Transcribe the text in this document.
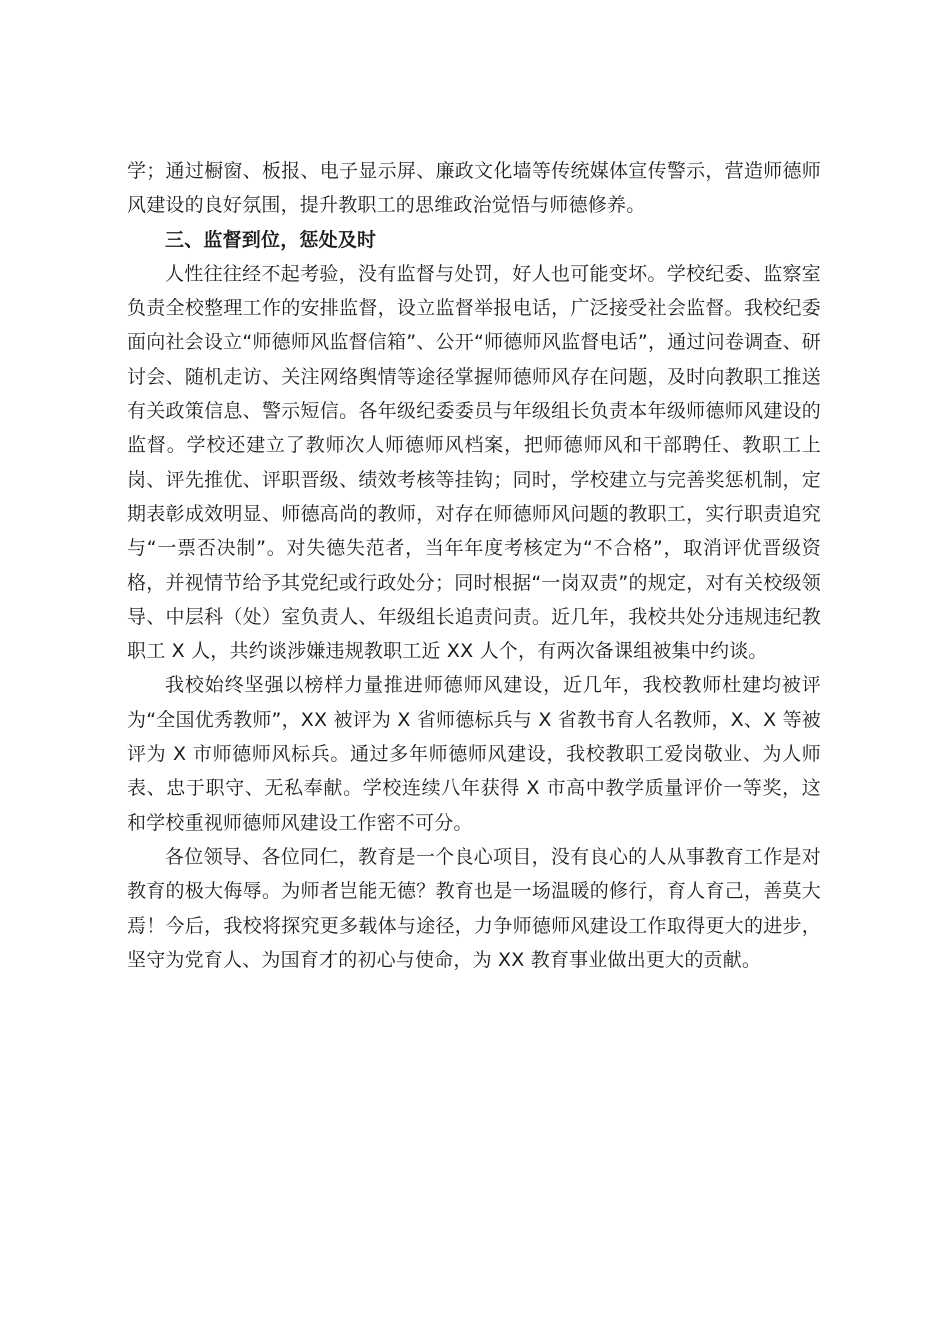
学；通过橱窗、板报、电子显示屏、廉政文化墙等传统媒体宣传警示，营造师德师风建设的良好氛围，提升教职工的思维政治觉悟与师德修养。

三、监督到位，惩处及时

人性往往经不起考验，没有监督与处罚，好人也可能变坏。学校纪委、监察室负责全校整理工作的安排监督，设立监督举报电话，广泛接受社会监督。我校纪委面向社会设立“师德师风监督信箱”、公开“师德师风监督电话”，通过问卷调查、研讨会、随机走访、关注网络舆情等途径掌握师德师风存在问题，及时向教职工推送有关政策信息、警示短信。各年级纪委委员与年级组长负责本年级师德师风建设的监督。学校还建立了教师次人师德师风档案，把师德师风和干部聘任、教职工上岗、评先推优、评职晋级、绩效考核等挂钩；同时，学校建立与完善奖惩机制，定期表彰成效明显、师德高尚的教师，对存在师德师风问题的教职工，实行职责追究与“一票否决制”。对失德失范者，当年年度考核定为“不合格”，取消评优晋级资格，并视情节给予其党纪或行政处分；同时根据“一岗双责”的规定，对有关校级领导、中层科（处）室负责人、年级组长追责问责。近几年，我校共处分违规违纪教职工 X 人，共约谈涉嫌违规教职工近 XX 人个，有两次备课组被集中约谈。

我校始终坚强以榜样力量推进师德师风建设，近几年，我校教师杜建均被评为“全国优秀教师”，XX 被评为 X 省师德标兵与 X 省教书育人名教师，X、X 等被评为 X 市师德师风标兵。通过多年师德师风建设，我校教职工爱岗敬业、为人师表、忠于职守、无私奉献。学校连续八年获得 X 市高中教学质量评价一等奖，这和学校重视师德师风建设工作密不可分。

各位领导、各位同仁，教育是一个良心项目，没有良心的人从事教育工作是对教育的极大侮辱。为师者岂能无德？教育也是一场温暖的修行，育人育己，善莫大焉！今后，我校将探究更多载体与途径，力争师德师风建设工作取得更大的进步，坚守为党育人、为国育才的初心与使命，为 XX 教育事业做出更大的贡献。
